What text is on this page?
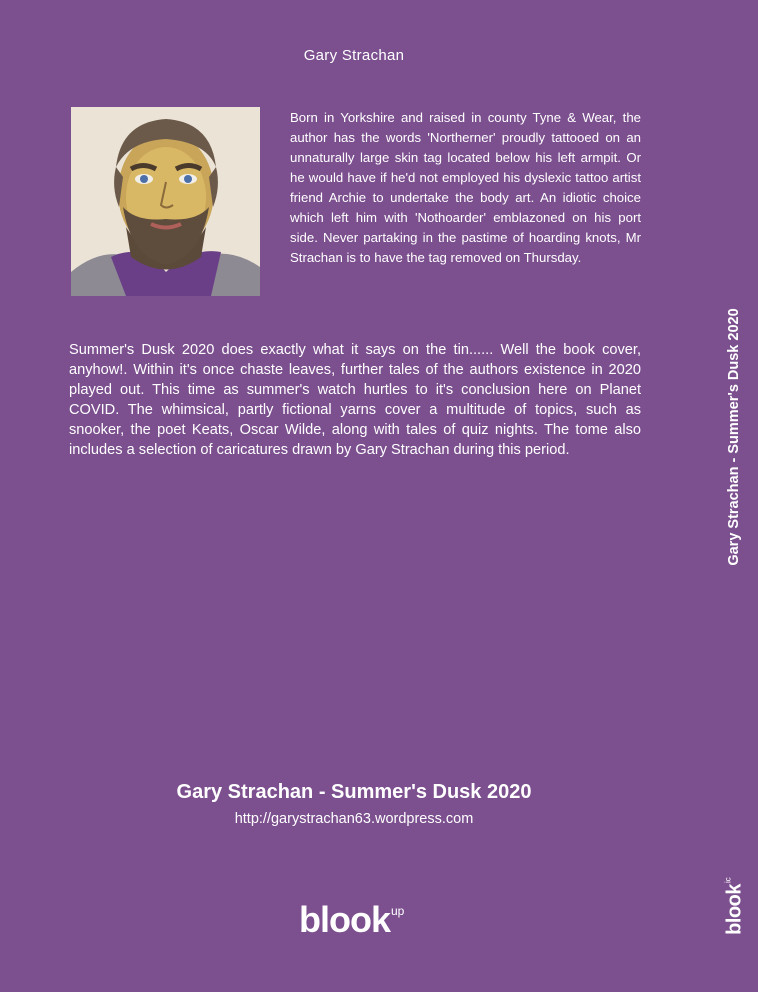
Gary Strachan

Born in Yorkshire and raised in county Tyne & Wear, the author has the words 'Northerner' proudly tattooed on an unnaturally large skin tag located below his left armpit. Or he would have if he'd not employed his dyslexic tattoo artist friend Archie to undertake the body art. An idiotic choice which left him with 'Nothoarder' emblazoned on his port side. Never partaking in the pastime of hoarding knots, Mr Strachan is to have the tag removed on Thursday.

Summer's Dusk 2020 does exactly what it says on the tin...... Well the book cover, anyhow!. Within it's once chaste leaves, further tales of the authors existence in 2020 played out. This time as summer's watch hurtles to it's conclusion here on Planet COVID. The whimsical, partly fictional yarns cover a multitude of topics, such as snooker, the poet Keats, Oscar Wilde, along with tales of quiz nights. The tome also includes a selection of caricatures drawn by Gary Strachan during this period.

Gary Strachan - Summer's Dusk 2020
http://garystrachan63.wordpress.com
blook$^{up}$
Gary Strachan - Summer's Dusk 2020
blook$^{ic}$
